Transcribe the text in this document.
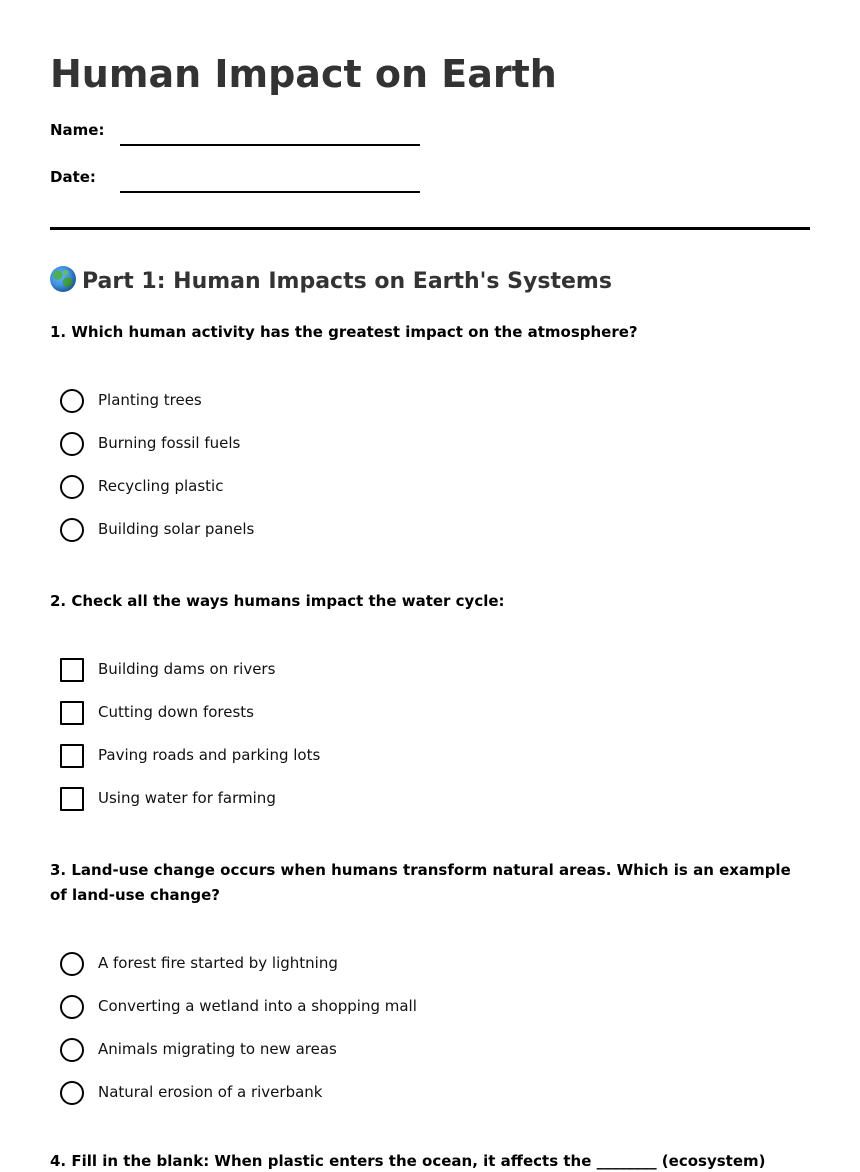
Human Impact on Earth
Name:
Date:
Part 1: Human Impacts on Earth's Systems

1. Which human activity has the greatest impact on the atmosphere?

Planting trees
Burning fossil fuels
Recycling plastic
Building solar panels

2. Check all the ways humans impact the water cycle:

Building dams on rivers
Cutting down forests
Paving roads and parking lots
Using water for farming

3. Land-use change occurs when humans transform natural areas. Which is an example of land-use change?

A forest fire started by lightning
Converting a wetland into a shopping mall
Animals migrating to new areas
Natural erosion of a riverbank
4. Fill in the blank: When plastic enters the ocean, it affects the ________ (ecosystem)
